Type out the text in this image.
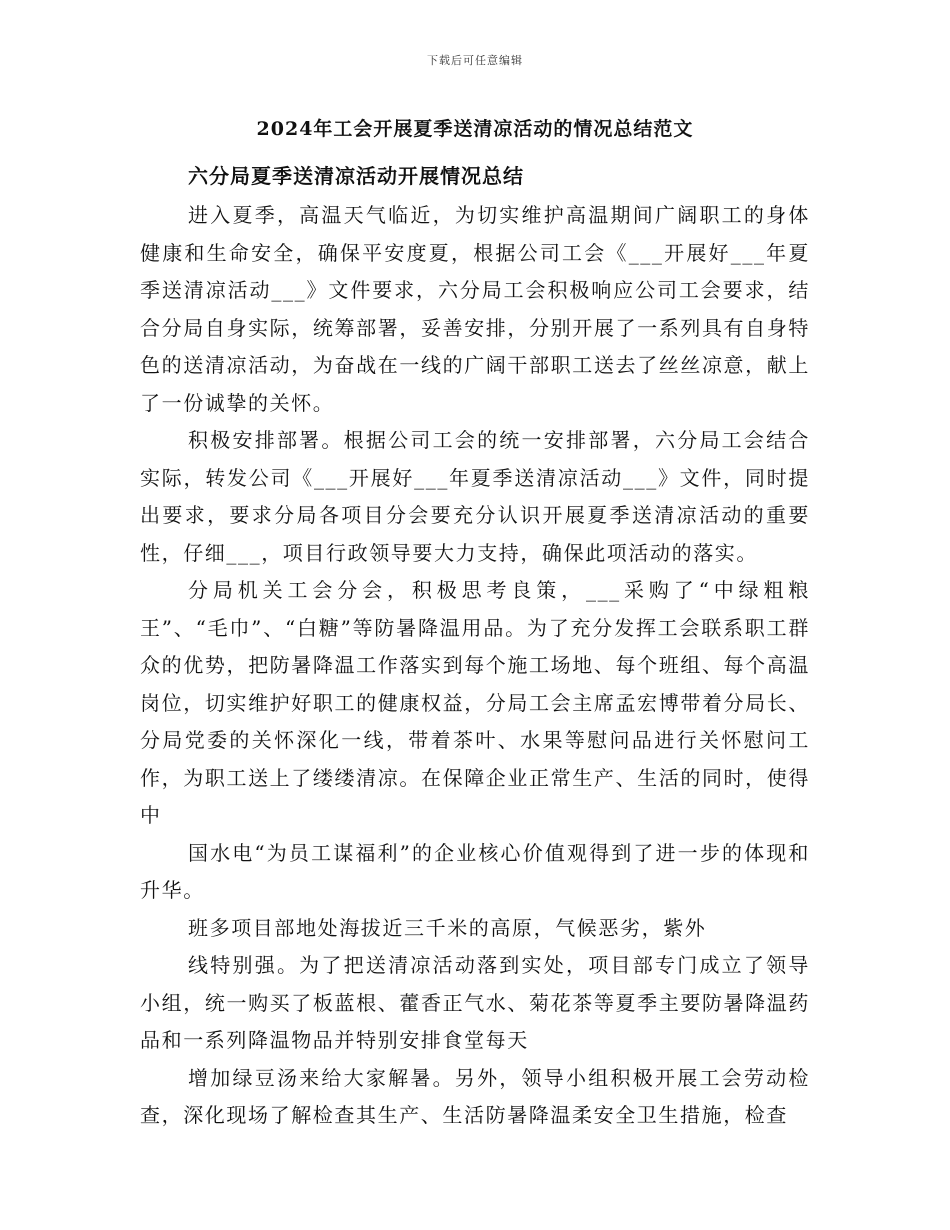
下载后可任意编辑
2024年工会开展夏季送清凉活动的情况总结范文
六分局夏季送清凉活动开展情况总结

进入夏季，高温天气临近，为切实维护高温期间广阔职工的身体健康和生命安全，确保平安度夏，根据公司工会《___开展好___年夏季送清凉活动___》文件要求，六分局工会积极响应公司工会要求，结合分局自身实际，统筹部署，妥善安排，分别开展了一系列具有自身特色的送清凉活动，为奋战在一线的广阔干部职工送去了丝丝凉意，献上了一份诚挚的关怀。

积极安排部署。根据公司工会的统一安排部署，六分局工会结合实际，转发公司《___开展好___年夏季送清凉活动___》文件，同时提出要求，要求分局各项目分会要充分认识开展夏季送清凉活动的重要性，仔细___，项目行政领导要大力支持，确保此项活动的落实。

分局机关工会分会，积极思考良策，___采购了“中绿粗粮王”、“毛巾”、“白糖”等防暑降温用品。为了充分发挥工会联系职工群众的优势，把防暑降温工作落实到每个施工场地、每个班组、每个高温岗位，切实维护好职工的健康权益，分局工会主席孟宏博带着分局长、分局党委的关怀深化一线，带着茶叶、水果等慰问品进行关怀慰问工作，为职工送上了缕缕清凉。在保障企业正常生产、生活的同时，使得中

国水电“为员工谋福利”的企业核心价值观得到了进一步的体现和升华。

班多项目部地处海拔近三千米的高原，气候恶劣，紫外

线特别强。为了把送清凉活动落到实处，项目部专门成立了领导小组，统一购买了板蓝根、藿香正气水、菊花茶等夏季主要防暑降温药品和一系列降温物品并特别安排食堂每天

增加绿豆汤来给大家解暑。另外，领导小组积极开展工会劳动检查，深化现场了解检查其生产、生活防暑降温柔安全卫生措施，检查
